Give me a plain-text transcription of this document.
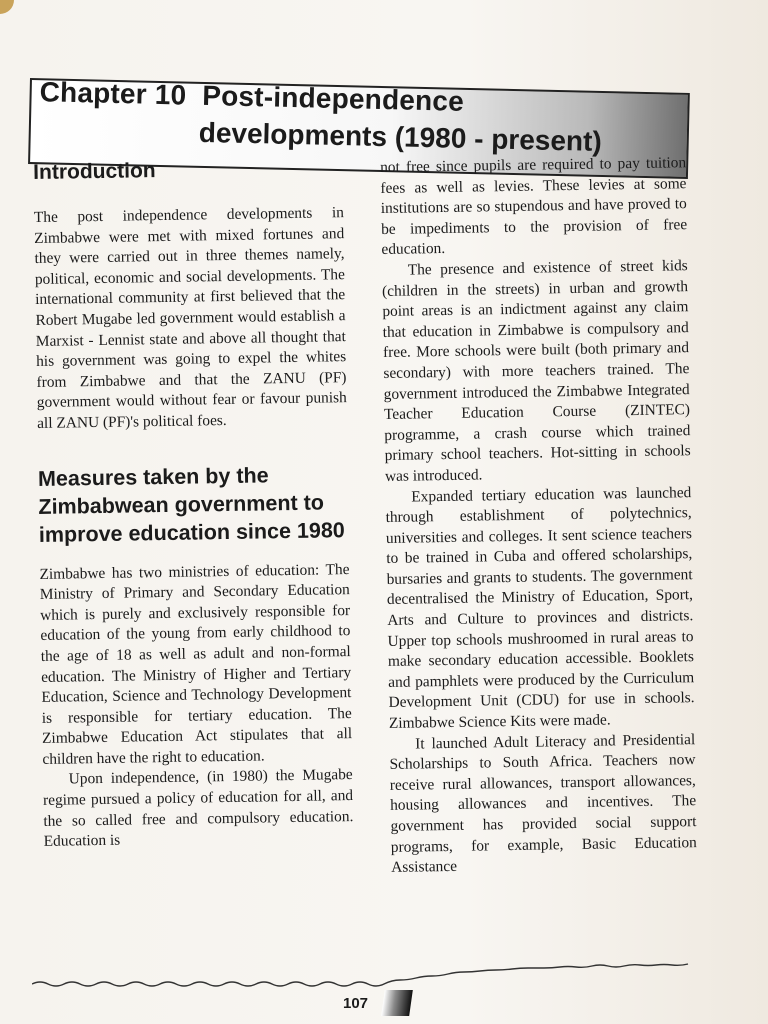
Chapter 10 Post-independence
developments (1980 - present)
Introduction

The post independence developments in Zimbabwe were met with mixed fortunes and they were carried out in three themes namely, political, economic and social developments. The international community at first believed that the Robert Mugabe led government would establish a Marxist - Lennist state and above all thought that his government was going to expel the whites from Zimbabwe and that the ZANU (PF) government would without fear or favour punish all ZANU (PF)'s political foes.

Measures taken by the Zimbabwean government to improve education since 1980

Zimbabwe has two ministries of education: The Ministry of Primary and Secondary Education which is purely and exclusively responsible for education of the young from early childhood to the age of 18 as well as adult and non-formal education. The Ministry of Higher and Tertiary Education, Science and Technology Development is responsible for tertiary education. The Zimbabwe Education Act stipulates that all children have the right to education.

Upon independence, (in 1980) the Mugabe regime pursued a policy of education for all, and the so called free and compulsory education. Education is

not free since pupils are required to pay tuition fees as well as levies. These levies at some institutions are so stupendous and have proved to be impediments to the provision of free education.

The presence and existence of street kids (children in the streets) in urban and growth point areas is an indictment against any claim that education in Zimbabwe is compulsory and free. More schools were built (both primary and secondary) with more teachers trained. The government introduced the Zimbabwe Integrated Teacher Education Course (ZINTEC) programme, a crash course which trained primary school teachers. Hot-sitting in schools was introduced.

Expanded tertiary education was launched through establishment of polytechnics, universities and colleges. It sent science teachers to be trained in Cuba and offered scholarships, bursaries and grants to students. The government decentralised the Ministry of Education, Sport, Arts and Culture to provinces and districts. Upper top schools mushroomed in rural areas to make secondary education accessible. Booklets and pamphlets were produced by the Curriculum Development Unit (CDU) for use in schools. Zimbabwe Science Kits were made.

It launched Adult Literacy and Presidential Scholarships to South Africa. Teachers now receive rural allowances, transport allowances, housing allowances and incentives. The government has provided social support programs, for example, Basic Education Assistance

107
